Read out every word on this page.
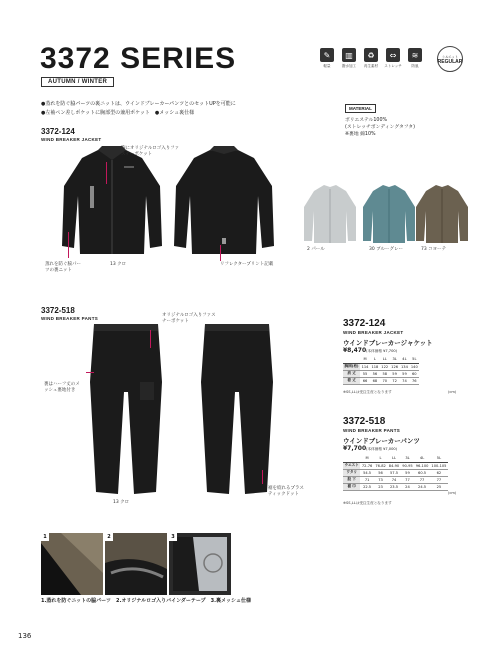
3372 SERIES
AUTUMN / WINTER
✎
軽量
▥
撥水加工
♻
再生素材
⇔
ストレッチ
≋
防風
シルエット
REGULAR
●蒸れを防ぐ脇パーツの裏ニットは、ウインドブレーカーパンツとのセットUPを可能に
●左袖ペン差しポケットに胸部型の兼用ポケット　●メッシュ裏仕様
MATERIAL
ポリエステル100%
(ストレッチボンディングタフタ)
※裏地 綿10%
3372-124
WIND BREAKER JACKET
胸にオリジナルロゴ入りファスナーポケット
蒸れを防ぐ脇パーツの裏ニット
13 クロ	リフレクタープリント記載
2 パール	30 ブルーグレー	73 コヨーテ
3372-518
WIND BREAKER PANTS
オリジナルロゴ入りファスナーポケット
裏はハーフ丈のメッシュ裏地付き
13 クロ
裾を絞れるプラスティックドット
3372-124
WIND BREAKER JACKET
ウインドブレーカージャケット
¥8,470(本体価格 ¥7,700)
	M	L	LL	3L	4L	5L
胸囲(裄)	114	118	122	126	134	140
肩 丈	55	56	58	59	59	60
着 丈	66	68	70	72	74	76
※SS,LLは受注生産となります	(cm)
3372-518
WIND BREAKER PANTS
ウインドブレーカーパンツ
¥7,700(本体価格 ¥7,000)
	M	L	LL	3L	4L	5L
ウエスト	72-76	76-82	84-90	90-95	96-100	100-105
ワタリ	54.5	56	57.5	59	60.5	62
股 下	71	73	74	77	77	77
裾 巾	22.5	23	23.5	24	24.5	25
※SS,LLは受注生産となります
(cm)
1	2	3
1.蒸れを防ぐニットの脇パーツ　2.オリジナルロゴ入りバインダーテープ　3.裏メッシュ仕様
136
